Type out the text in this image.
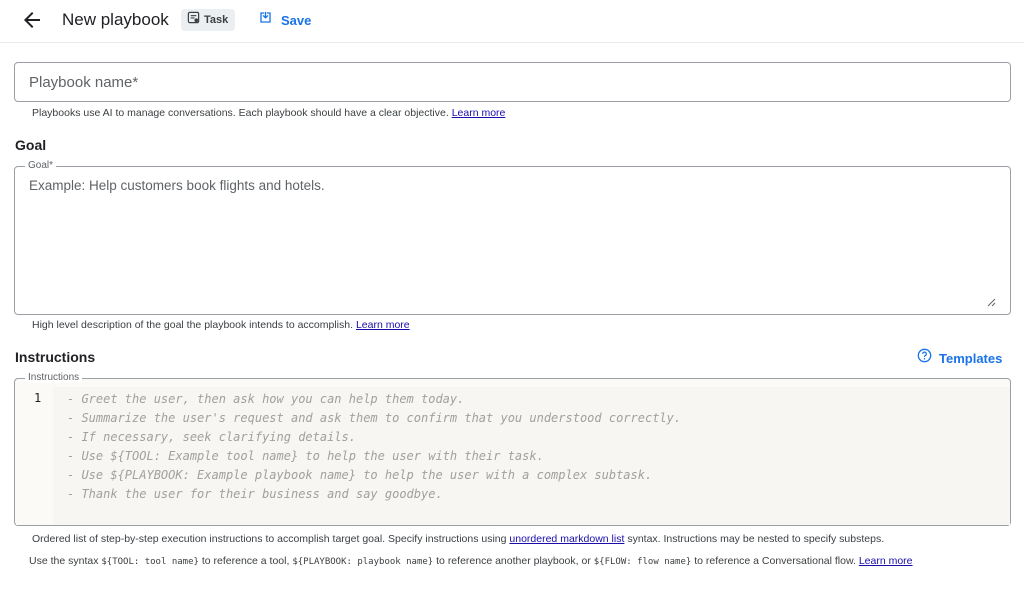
New playbook	Task	Save
Playbook name*
Playbooks use AI to manage conversations. Each playbook should have a clear objective. Learn more
Goal
Goal*
Example: Help customers book flights and hotels.
High level description of the goal the playbook intends to accomplish. Learn more
Instructions	Templates
Instructions
1 - Greet the user, then ask how you can help them today.
- Summarize the user's request and ask them to confirm that you understood correctly.
- If necessary, seek clarifying details.
- Use ${TOOL: Example tool name} to help the user with their task.
- Use ${PLAYBOOK: Example playbook name} to help the user with a complex subtask.
- Thank the user for their business and say goodbye.
Ordered list of step-by-step execution instructions to accomplish target goal. Specify instructions using unordered markdown list syntax. Instructions may be nested to specify substeps.
Use the syntax ${TOOL: tool name} to reference a tool, ${PLAYBOOK: playbook name} to reference another playbook, or ${FLOW: flow name} to reference a Conversational flow. Learn more
